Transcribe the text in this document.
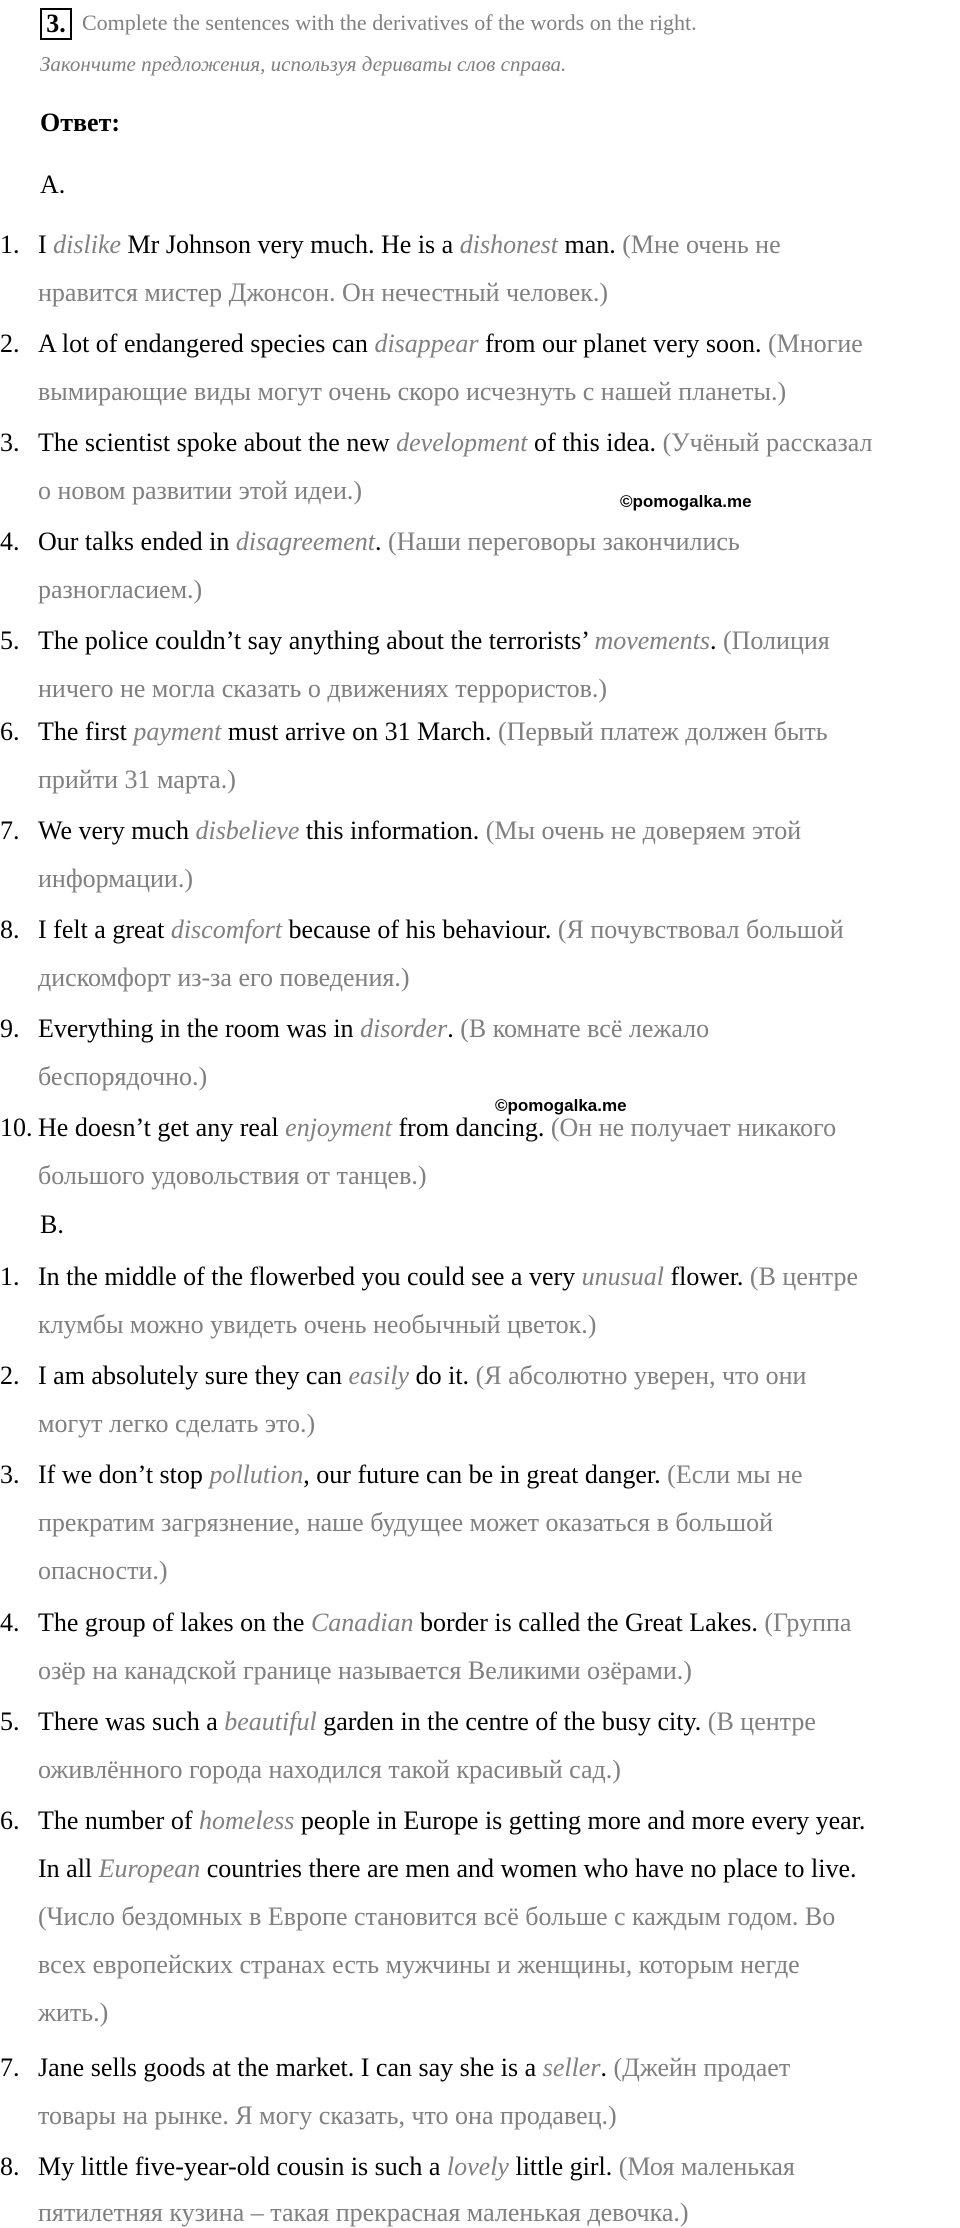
3. Complete the sentences with the derivatives of the words on the right.
Закончите предложения, используя дериваты слов справа.
Ответ:
А.
1. I dislike Mr Johnson very much. He is a dishonest man. (Мне очень не
нравится мистер Джонсон. Он нечестный человек.)
2. A lot of endangered species can disappear from our planet very soon. (Многие
вымирающие виды могут очень скоро исчезнуть с нашей планеты.)
3. The scientist spoke about the new development of this idea. (Учёный рассказал
о новом развитии этой идеи.)	©pomogalka.me
4. Our talks ended in disagreement. (Наши переговоры закончились
разногласием.)
5. The police couldn’t say anything about the terrorists’ movements. (Полиция
ничего не могла сказать о движениях террористов.)
6. The first payment must arrive on 31 March. (Первый платеж должен быть
прийти 31 марта.)
7. We very much disbelieve this information. (Мы очень не доверяем этой
информации.)
8. I felt a great discomfort because of his behaviour. (Я почувствовал большой
дискомфорт из-за его поведения.)
9. Everything in the room was in disorder. (В комнате всё лежало
беспорядочно.)
©pomogalka.me
10. He doesn’t get any real enjoyment from dancing. (Он не получает никакого
большого удовольствия от танцев.)
В.
1. In the middle of the flowerbed you could see a very unusual flower. (В центре
клумбы можно увидеть очень необычный цветок.)
2. I am absolutely sure they can easily do it. (Я абсолютно уверен, что они
могут легко сделать это.)
3. If we don’t stop pollution, our future can be in great danger. (Если мы не
прекратим загрязнение, наше будущее может оказаться в большой
опасности.)
4. The group of lakes on the Canadian border is called the Great Lakes. (Группа
озёр на канадской границе называется Великими озёрами.)
5. There was such a beautiful garden in the centre of the busy city. (В центре
оживлённого города находился такой красивый сад.)
6. The number of homeless people in Europe is getting more and more every year.
In all European countries there are men and women who have no place to live.
(Число бездомных в Европе становится всё больше с каждым годом. Во
всех европейских странах есть мужчины и женщины, которым негде
жить.)
7. Jane sells goods at the market. I can say she is a seller. (Джейн продает
товары на рынке. Я могу сказать, что она продавец.)
8. My little five-year-old cousin is such a lovely little girl. (Моя маленькая
пятилетняя кузина – такая прекрасная маленькая девочка.)
